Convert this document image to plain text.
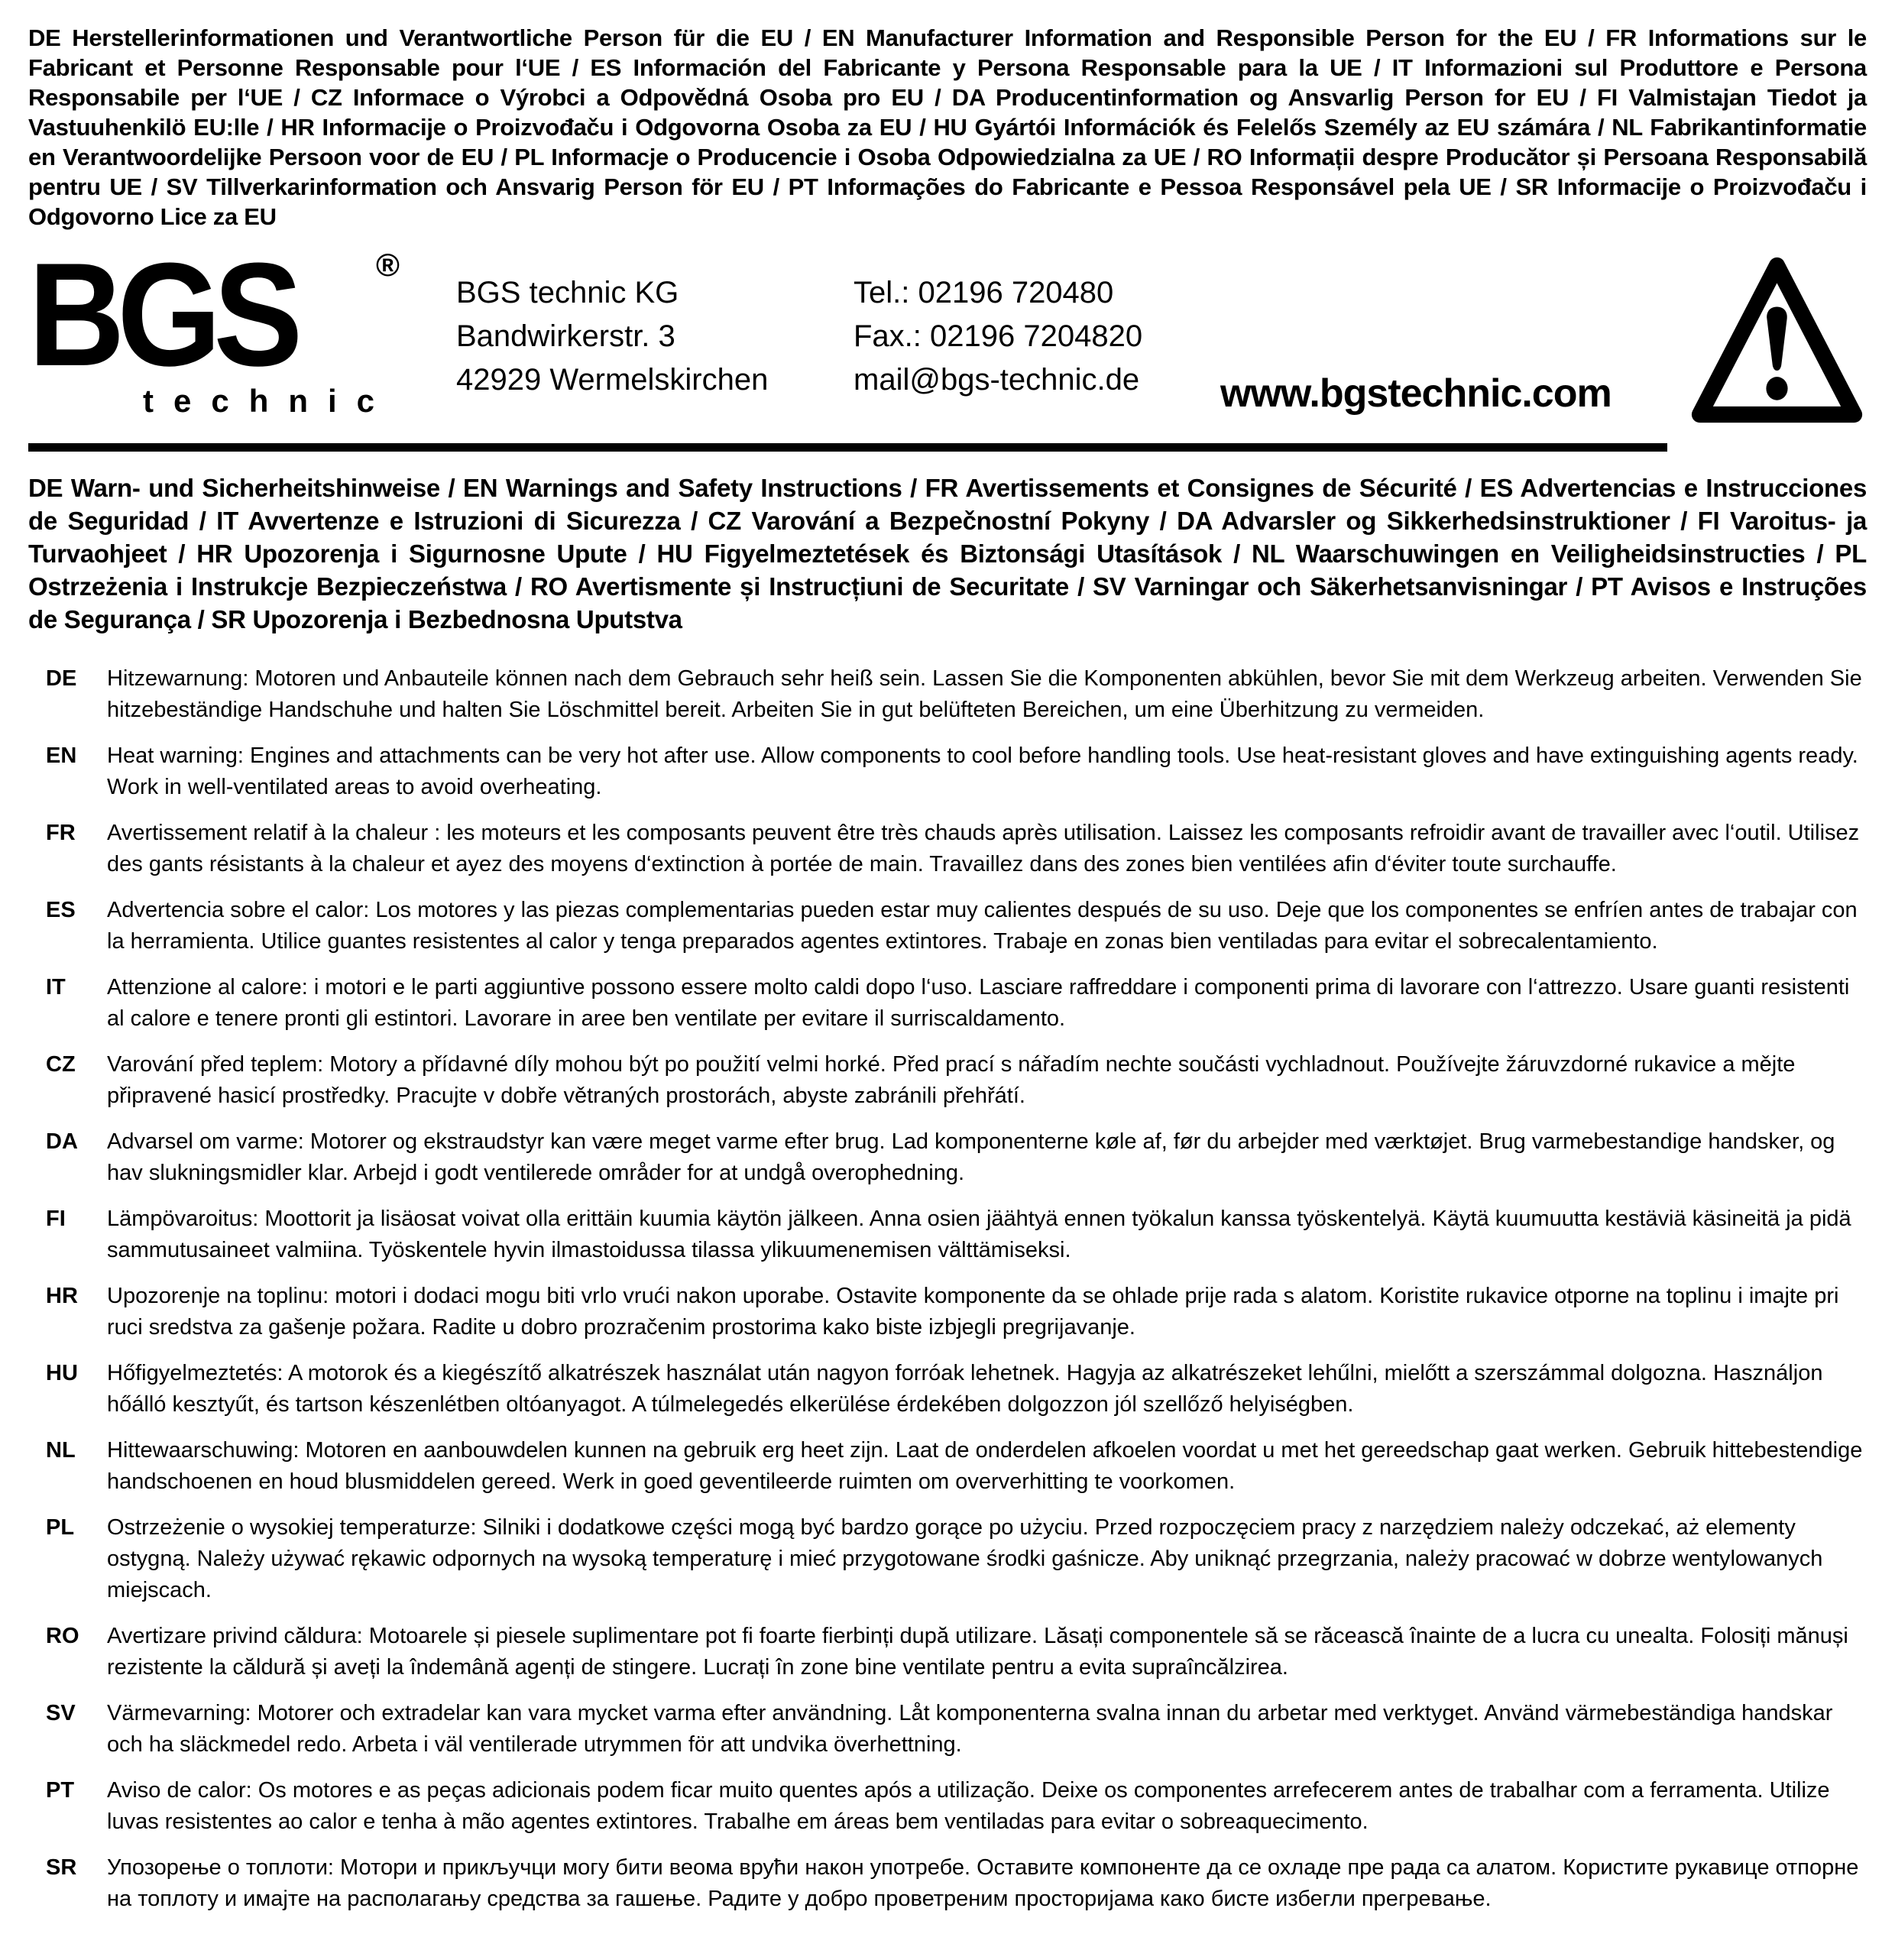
DE Herstellerinformationen und Verantwortliche Person für die EU / EN Manufacturer Information and Responsible Person for the EU / FR Informations sur le Fabricant et Personne Responsable pour l‘UE / ES Información del Fabricante y Persona Responsable para la UE / IT Informazioni sul Produttore e Persona Responsabile per l‘UE / CZ Informace o Výrobci a Odpovědná Osoba pro EU / DA Producentinformation og Ansvarlig Person for EU / FI Valmistajan Tiedot ja Vastuuhenkilö EU:lle / HR Informacije o Proizvođaču i Odgovorna Osoba za EU / HU Gyártói Információk és Felelős Személy az EU számára / NL Fabrikantinformatie en Verantwoordelijke Persoon voor de EU / PL Informacje o Producencie i Osoba Odpowiedzialna za UE / RO Informații despre Producător și Persoana Responsabilă pentru UE / SV Tillverkarinformation och Ansvarig Person för EU / PT Informações do Fabricante e Pessoa Responsável pela UE / SR Informacije o Proizvođaču i Odgovorno Lice za EU
BGS	®
technic
BGS technic KG
Bandwirkerstr. 3
42929 Wermelskirchen
Tel.: 02196 720480
Fax.: 02196 7204820
mail@bgs-technic.de	www.bgstechnic.com
DE Warn- und Sicherheitshinweise / EN Warnings and Safety Instructions / FR Avertissements et Consignes de Sécurité / ES Advertencias e Instrucciones de Seguridad / IT Avvertenze e Istruzioni di Sicurezza / CZ Varování a Bezpečnostní Pokyny / DA Advarsler og Sikkerhedsinstruktioner / FI Varoitus- ja Turvaohjeet / HR Upozorenja i Sigurnosne Upute / HU Figyelmeztetések és Biztonsági Utasítások / NL Waarschuwingen en Veiligheidsinstructies / PL Ostrzeżenia i Instrukcje Bezpieczeństwa / RO Avertismente și Instrucțiuni de Securitate / SV Varningar och Säkerhetsanvisningar / PT Avisos e Instruções de Segurança / SR Upozorenja i Bezbednosna Uputstva
DE	Hitzewarnung: Motoren und Anbauteile können nach dem Gebrauch sehr heiß sein. Lassen Sie die Komponenten abkühlen, bevor Sie mit dem Werkzeug arbeiten. Verwenden Sie hitzebeständige Handschuhe und halten Sie Löschmittel bereit. Arbeiten Sie in gut belüfteten Bereichen, um eine Überhitzung zu vermeiden.
EN	Heat warning: Engines and attachments can be very hot after use. Allow components to cool before handling tools. Use heat-resistant gloves and have extinguishing agents ready. Work in well-ventilated areas to avoid overheating.
FR	Avertissement relatif à la chaleur : les moteurs et les composants peuvent être très chauds après utilisation. Laissez les composants refroidir avant de travailler avec l‘outil. Utilisez des gants résistants à la chaleur et ayez des moyens d‘extinction à portée de main. Travaillez dans des zones bien ventilées afin d‘éviter toute surchauffe.
ES	Advertencia sobre el calor: Los motores y las piezas complementarias pueden estar muy calientes después de su uso. Deje que los componentes se enfríen antes de trabajar con la herramienta. Utilice guantes resistentes al calor y tenga preparados agentes extintores. Trabaje en zonas bien ventiladas para evitar el sobrecalentamiento.
IT	Attenzione al calore: i motori e le parti aggiuntive possono essere molto caldi dopo l‘uso. Lasciare raffreddare i componenti prima di lavorare con l‘attrezzo. Usare guanti resistenti al calore e tenere pronti gli estintori. Lavorare in aree ben ventilate per evitare il surriscaldamento.
CZ	Varování před teplem: Motory a přídavné díly mohou být po použití velmi horké. Před prací s nářadím nechte součásti vychladnout. Používejte žáruvzdorné rukavice a mějte připravené hasicí prostředky. Pracujte v dobře větraných prostorách, abyste zabránili přehřátí.
DA	Advarsel om varme: Motorer og ekstraudstyr kan være meget varme efter brug. Lad komponenterne køle af, før du arbejder med værktøjet. Brug varmebestandige handsker, og hav slukningsmidler klar. Arbejd i godt ventilerede områder for at undgå overophedning.
FI	Lämpövaroitus: Moottorit ja lisäosat voivat olla erittäin kuumia käytön jälkeen. Anna osien jäähtyä ennen työkalun kanssa työskentelyä. Käytä kuumuutta kestäviä käsineitä ja pidä sammutusaineet valmiina. Työskentele hyvin ilmastoidussa tilassa ylikuumenemisen välttämiseksi.
HR	Upozorenje na toplinu: motori i dodaci mogu biti vrlo vrući nakon uporabe. Ostavite komponente da se ohlade prije rada s alatom. Koristite rukavice otporne na toplinu i imajte pri ruci sredstva za gašenje požara. Radite u dobro prozračenim prostorima kako biste izbjegli pregrijavanje.
HU	Hőfigyelmeztetés: A motorok és a kiegészítő alkatrészek használat után nagyon forróak lehetnek. Hagyja az alkatrészeket lehűlni, mielőtt a szerszámmal dolgozna. Használjon hőálló kesztyűt, és tartson készenlétben oltóanyagot. A túlmelegedés elkerülése érdekében dolgozzon jól szellőző helyiségben.
NL	Hittewaarschuwing: Motoren en aanbouwdelen kunnen na gebruik erg heet zijn. Laat de onderdelen afkoelen voordat u met het gereedschap gaat werken. Gebruik hittebestendige handschoenen en houd blusmiddelen gereed. Werk in goed geventileerde ruimten om oververhitting te voorkomen.
PL	Ostrzeżenie o wysokiej temperaturze: Silniki i dodatkowe części mogą być bardzo gorące po użyciu. Przed rozpoczęciem pracy z narzędziem należy odczekać, aż elementy ostygną. Należy używać rękawic odpornych na wysoką temperaturę i mieć przygotowane środki gaśnicze. Aby uniknąć przegrzania, należy pracować w dobrze wentylowanych miejscach.
RO	Avertizare privind căldura: Motoarele și piesele suplimentare pot fi foarte fierbinți după utilizare. Lăsați componentele să se răcească înainte de a lucra cu unealta. Folosiți mănuși rezistente la căldură și aveți la îndemână agenți de stingere. Lucrați în zone bine ventilate pentru a evita supraîncălzirea.
SV	Värmevarning: Motorer och extradelar kan vara mycket varma efter användning. Låt komponenterna svalna innan du arbetar med verktyget. Använd värmebeständiga handskar och ha släckmedel redo. Arbeta i väl ventilerade utrymmen för att undvika överhettning.
PT	Aviso de calor: Os motores e as peças adicionais podem ficar muito quentes após a utilização. Deixe os componentes arrefecerem antes de trabalhar com a ferramenta. Utilize luvas resistentes ao calor e tenha à mão agentes extintores. Trabalhe em áreas bem ventiladas para evitar o sobreaquecimento.
SR	Упозорење о топлоти: Мотори и прикључци могу бити веома врући након употребе. Оставите компоненте да се охладе пре рада са алатом. Користите рукавице отпорне на топлоту и имајте на располагању средства за гашење. Радите у добро проветреним просторијама како бисте избегли прегревање.
